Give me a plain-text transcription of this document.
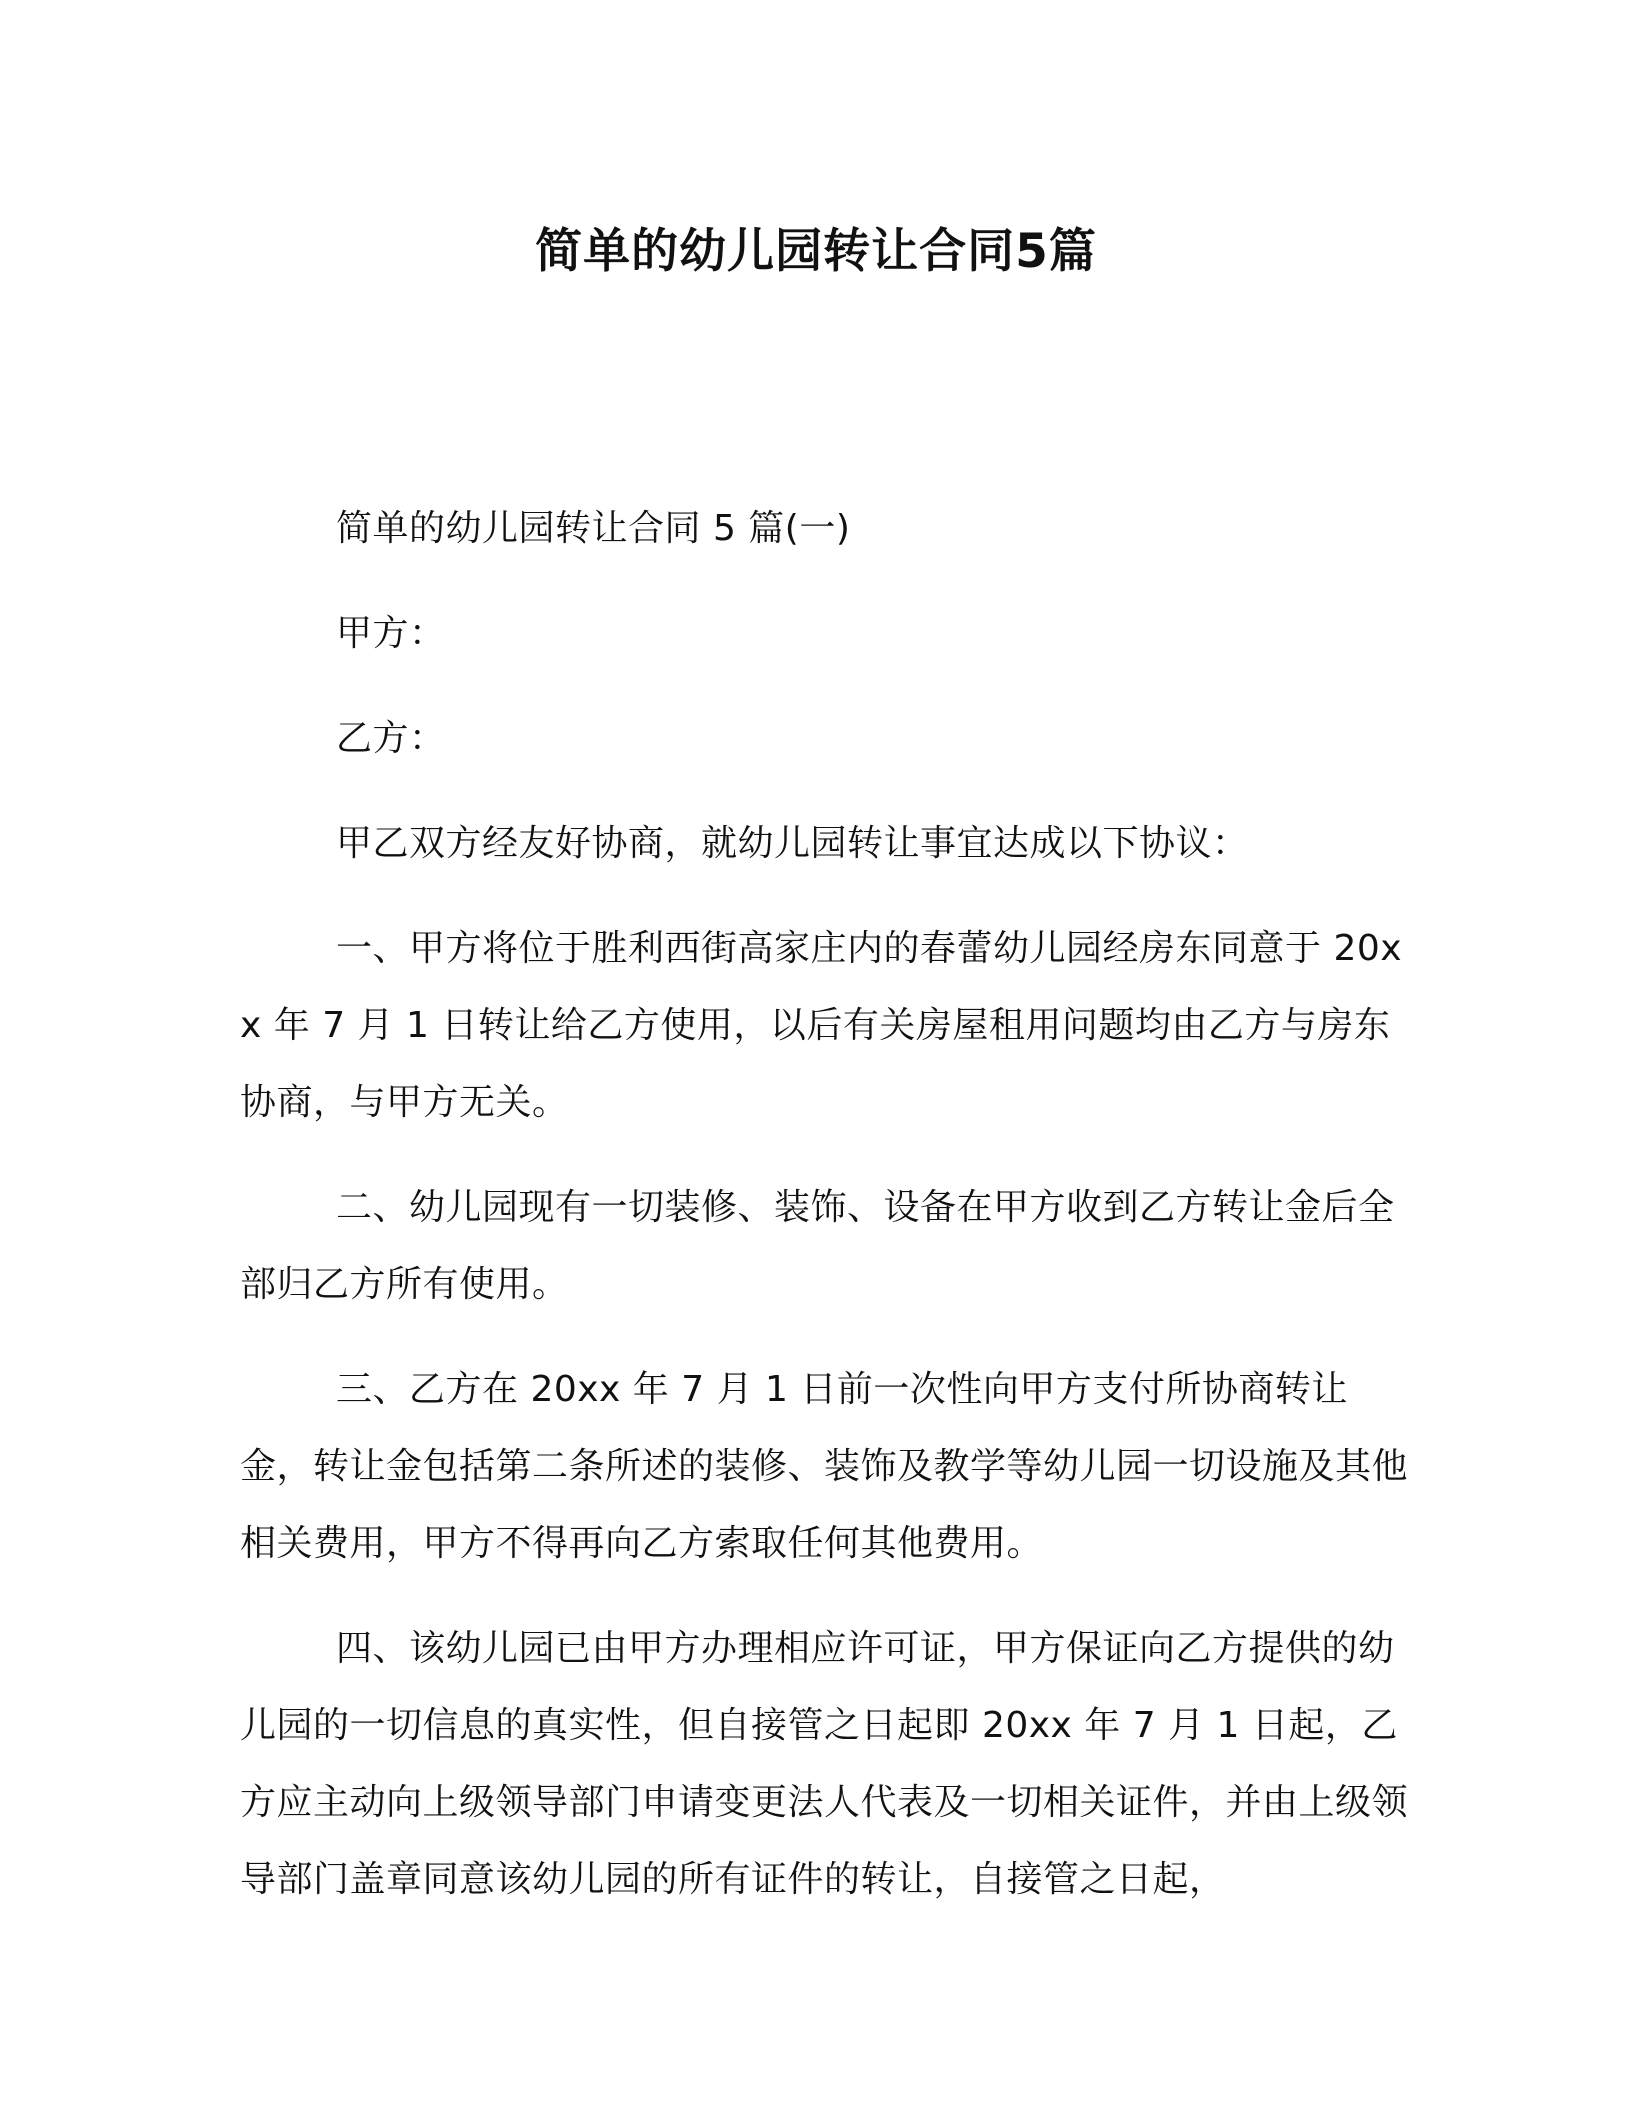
简单的幼儿园转让合同5篇

简单的幼儿园转让合同 5 篇(一)

甲方：

乙方：

甲乙双方经友好协商，就幼儿园转让事宜达成以下协议：

一、甲方将位于胜利西街高家庄内的春蕾幼儿园经房东同意于 20xx 年 7 月 1 日转让给乙方使用，以后有关房屋租用问题均由乙方与房东协商，与甲方无关。

二、幼儿园现有一切装修、装饰、设备在甲方收到乙方转让金后全部归乙方所有使用。

三、乙方在 20xx 年 7 月 1 日前一次性向甲方支付所协商转让金，转让金包括第二条所述的装修、装饰及教学等幼儿园一切设施及其他相关费用，甲方不得再向乙方索取任何其他费用。

四、该幼儿园已由甲方办理相应许可证，甲方保证向乙方提供的幼儿园的一切信息的真实性，但自接管之日起即 20xx 年 7 月 1 日起，乙方应主动向上级领导部门申请变更法人代表及一切相关证件，并由上级领导部门盖章同意该幼儿园的所有证件的转让，自接管之日起，
